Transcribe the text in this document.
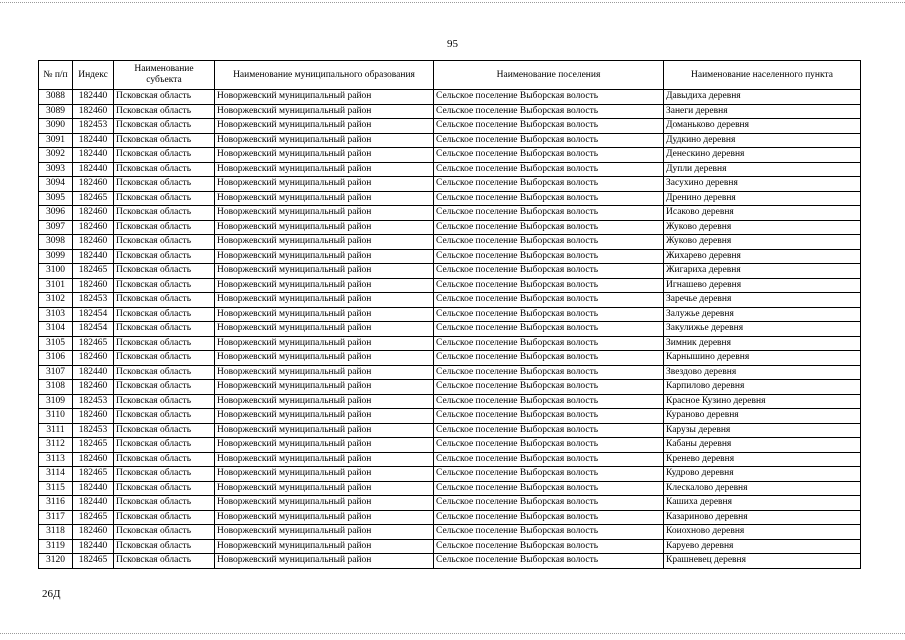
95
№ п/п	Индекс	Наименование субъекта	Наименование муниципального образования	Наименование поселения	Наименование населенного пункта
3088	182440	Псковская область	Новоржевский муниципальный район	Сельское поселение Выборская волость	Давыдиха деревня
3089	182460	Псковская область	Новоржевский муниципальный район	Сельское поселение Выборская волость	Занеги деревня
3090	182453	Псковская область	Новоржевский муниципальный район	Сельское поселение Выборская волость	Доманьково деревня
3091	182440	Псковская область	Новоржевский муниципальный район	Сельское поселение Выборская волость	Дудкино деревня
3092	182440	Псковская область	Новоржевский муниципальный район	Сельское поселение Выборская волость	Денескино деревня
3093	182440	Псковская область	Новоржевский муниципальный район	Сельское поселение Выборская волость	Дупли деревня
3094	182460	Псковская область	Новоржевский муниципальный район	Сельское поселение Выборская волость	Засухино деревня
3095	182465	Псковская область	Новоржевский муниципальный район	Сельское поселение Выборская волость	Дренино деревня
3096	182460	Псковская область	Новоржевский муниципальный район	Сельское поселение Выборская волость	Исаково деревня
3097	182460	Псковская область	Новоржевский муниципальный район	Сельское поселение Выборская волость	Жуково деревня
3098	182460	Псковская область	Новоржевский муниципальный район	Сельское поселение Выборская волость	Жуково деревня
3099	182440	Псковская область	Новоржевский муниципальный район	Сельское поселение Выборская волость	Жихарево деревня
3100	182465	Псковская область	Новоржевский муниципальный район	Сельское поселение Выборская волость	Жигариха деревня
3101	182460	Псковская область	Новоржевский муниципальный район	Сельское поселение Выборская волость	Игнашево деревня
3102	182453	Псковская область	Новоржевский муниципальный район	Сельское поселение Выборская волость	Заречье деревня
3103	182454	Псковская область	Новоржевский муниципальный район	Сельское поселение Выборская волость	Залужье деревня
3104	182454	Псковская область	Новоржевский муниципальный район	Сельское поселение Выборская волость	Закулижье деревня
3105	182465	Псковская область	Новоржевский муниципальный район	Сельское поселение Выборская волость	Зимник деревня
3106	182460	Псковская область	Новоржевский муниципальный район	Сельское поселение Выборская волость	Карнышино деревня
3107	182440	Псковская область	Новоржевский муниципальный район	Сельское поселение Выборская волость	Звездово деревня
3108	182460	Псковская область	Новоржевский муниципальный район	Сельское поселение Выборская волость	Карпилово деревня
3109	182453	Псковская область	Новоржевский муниципальный район	Сельское поселение Выборская волость	Красное Кузино деревня
3110	182460	Псковская область	Новоржевский муниципальный район	Сельское поселение Выборская волость	Кураново деревня
3111	182453	Псковская область	Новоржевский муниципальный район	Сельское поселение Выборская волость	Карузы деревня
3112	182465	Псковская область	Новоржевский муниципальный район	Сельское поселение Выборская волость	Кабаны деревня
3113	182460	Псковская область	Новоржевский муниципальный район	Сельское поселение Выборская волость	Кренево деревня
3114	182465	Псковская область	Новоржевский муниципальный район	Сельское поселение Выборская волость	Кудрово деревня
3115	182440	Псковская область	Новоржевский муниципальный район	Сельское поселение Выборская волость	Клескалово деревня
3116	182440	Псковская область	Новоржевский муниципальный район	Сельское поселение Выборская волость	Кашиха деревня
3117	182465	Псковская область	Новоржевский муниципальный район	Сельское поселение Выборская волость	Казариново деревня
3118	182460	Псковская область	Новоржевский муниципальный район	Сельское поселение Выборская волость	Коиохново деревня
3119	182440	Псковская область	Новоржевский муниципальный район	Сельское поселение Выборская волость	Каруево деревня
3120	182465	Псковская область	Новоржевский муниципальный район	Сельское поселение Выборская волость	Крашневец деревня
26Д
